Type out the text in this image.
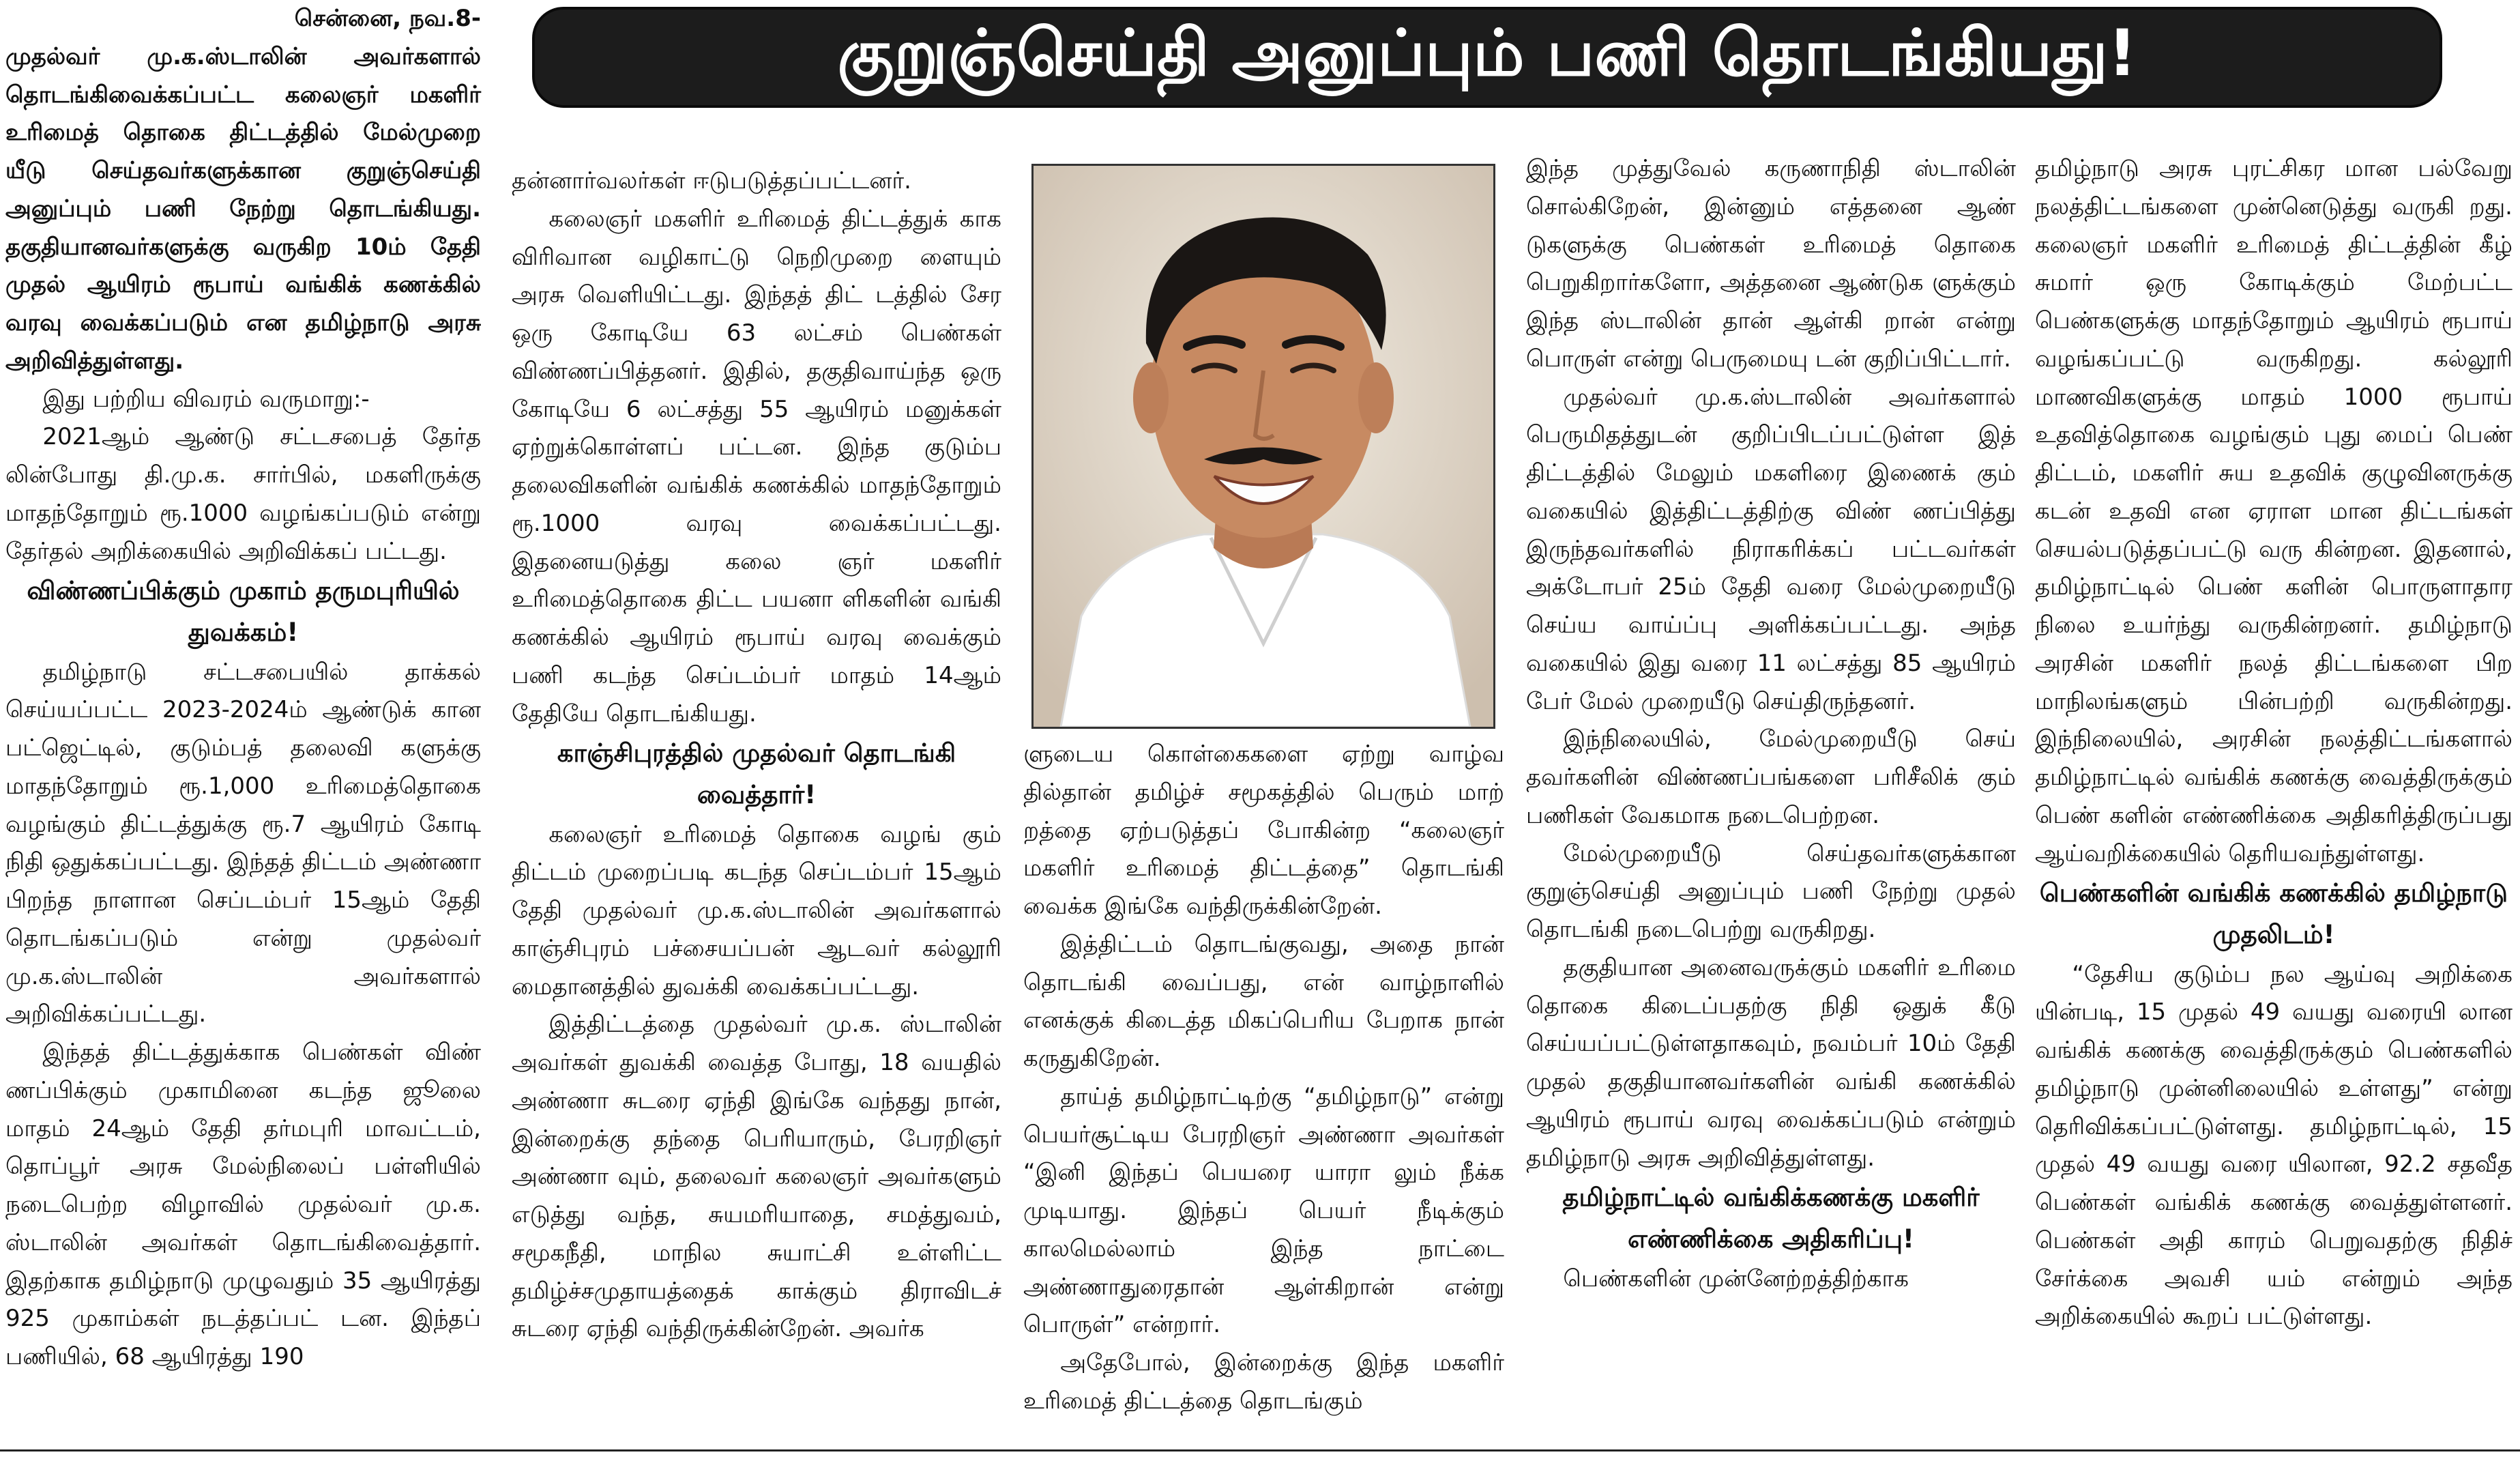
குறுஞ்செய்தி அனுப்பும் பணி தொடங்கியது!

சென்னை, நவ.8-

முதல்வர் மு.க.ஸ்டாலின் அவர்களால் தொடங்கிவைக்கப்பட்ட கலைஞர் மகளிர் உரிமைத் தொகை திட்டத்தில் மேல்முறை யீடு செய்தவர்களுக்கான குறுஞ்செய்தி அனுப்பும் பணி நேற்று தொடங்கியது. தகுதியானவர்களுக்கு வருகிற 10ம் தேதி முதல் ஆயிரம் ரூபாய் வங்கிக் கணக்கில் வரவு வைக்கப்படும் என தமிழ்நாடு அரசு அறிவித்துள்ளது.

இது பற்றிய விவரம் வருமாறு:-

2021ஆம் ஆண்டு சட்டசபைத் தேர்த லின்போது தி.மு.க. சார்பில், மகளிருக்கு மாதந்தோறும் ரூ.1000 வழங்கப்படும் என்று தேர்தல் அறிக்கையில் அறிவிக்கப் பட்டது.

விண்ணப்பிக்கும் முகாம் தருமபுரியில் துவக்கம்!

தமிழ்நாடு சட்டசபையில் தாக்கல் செய்யப்பட்ட 2023-2024ம் ஆண்டுக் கான பட்ஜெட்டில், குடும்பத் தலைவி களுக்கு மாதந்தோறும் ரூ.1,000 உரிமைத்தொகை வழங்கும் திட்டத்துக்கு ரூ.7 ஆயிரம் கோடி நிதி ஒதுக்கப்பட்டது. இந்தத் திட்டம் அண்ணா பிறந்த நாளான செப்டம்பர் 15ஆம் தேதி தொடங்கப்படும் என்று முதல்வர் மு.க.ஸ்டாலின் அவர்களால் அறிவிக்கப்பட்டது.

இந்தத் திட்டத்துக்காக பெண்கள் விண் ணப்பிக்கும் முகாமினை கடந்த ஜூலை மாதம் 24ஆம் தேதி தர்மபுரி மாவட்டம், தொப்பூர் அரசு மேல்நிலைப் பள்ளியில் நடைபெற்ற விழாவில் முதல்வர் மு.க. ஸ்டாலின் அவர்கள் தொடங்கிவைத்தார். இதற்காக தமிழ்நாடு முழுவதும் 35 ஆயிரத்து 925 முகாம்கள் நடத்தப்பட் டன. இந்தப் பணியில், 68 ஆயிரத்து 190

தன்னார்வலர்கள் ஈடுபடுத்தப்பட்டனர்.

கலைஞர் மகளிர் உரிமைத் திட்டத்துக் காக விரிவான வழிகாட்டு நெறிமுறை ளையும் அரசு வெளியிட்டது. இந்தத் திட் டத்தில் சேர ஒரு கோடியே 63 லட்சம் பெண்கள் விண்ணப்பித்தனர். இதில், தகுதிவாய்ந்த ஒரு கோடியே 6 லட்சத்து 55 ஆயிரம் மனுக்கள் ஏற்றுக்கொள்ளப் பட்டன. இந்த குடும்ப தலைவிகளின் வங்கிக் கணக்கில் மாதந்தோறும் ரூ.1000 வரவு வைக்கப்பட்டது. இதனையடுத்து கலை ஞர் மகளிர் உரிமைத்தொகை திட்ட பயனா ளிகளின் வங்கி கணக்கில் ஆயிரம் ரூபாய் வரவு வைக்கும் பணி கடந்த செப்டம்பர் மாதம் 14ஆம் தேதியே தொடங்கியது.

காஞ்சிபுரத்தில் முதல்வர் தொடங்கி வைத்தார்!

கலைஞர் உரிமைத் தொகை வழங் கும் திட்டம் முறைப்படி கடந்த செப்டம்பர் 15ஆம் தேதி முதல்வர் மு.க.ஸ்டாலின் அவர்களால் காஞ்சிபுரம் பச்சையப்பன் ஆடவர் கல்லூரி மைதானத்தில் துவக்கி வைக்கப்பட்டது.

இத்திட்டத்தை முதல்வர் மு.க. ஸ்டாலின் அவர்கள் துவக்கி வைத்த போது, 18 வயதில் அண்ணா சுடரை ஏந்தி இங்கே வந்தது நான், இன்றைக்கு தந்தை பெரியாரும், பேரறிஞர் அண்ணா வும், தலைவர் கலைஞர் அவர்களும் எடுத்து வந்த, சுயமரியாதை, சமத்துவம், சமூகநீதி, மாநில சுயாட்சி உள்ளிட்ட தமிழ்ச்சமுதாயத்தைக் காக்கும் திராவிடச் சுடரை ஏந்தி வந்திருக்கின்றேன். அவர்க

ளுடைய கொள்கைகளை ஏற்று வாழ்வ தில்தான் தமிழ்ச் சமூகத்தில் பெரும் மாற் றத்தை ஏற்படுத்தப் போகின்ற “கலைஞர் மகளிர் உரிமைத் திட்டத்தை” தொடங்கி வைக்க இங்கே வந்திருக்கின்றேன்.

இத்திட்டம் தொடங்குவது, அதை நான் தொடங்கி வைப்பது, என் வாழ்நாளில் எனக்குக் கிடைத்த மிகப்பெரிய பேறாக நான் கருதுகிறேன்.

தாய்த் தமிழ்நாட்டிற்கு “தமிழ்நாடு” என்று பெயர்சூட்டிய பேரறிஞர் அண்ணா அவர்கள் “இனி இந்தப் பெயரை யாரா லும் நீக்க முடியாது. இந்தப் பெயர் நீடிக்கும் காலமெல்லாம் இந்த நாட்டை அண்ணாதுரைதான் ஆள்கிறான் என்று பொருள்” என்றார்.

அதேபோல், இன்றைக்கு இந்த மகளிர் உரிமைத் திட்டத்தை தொடங்கும்

இந்த முத்துவேல் கருணாநிதி ஸ்டாலின் சொல்கிறேன், இன்னும் எத்தனை ஆண் டுகளுக்கு பெண்கள் உரிமைத் தொகை பெறுகிறார்களோ, அத்தனை ஆண்டுக ளுக்கும் இந்த ஸ்டாலின் தான் ஆள்கி றான் என்று பொருள் என்று பெருமையு டன் குறிப்பிட்டார்.

முதல்வர் மு.க.ஸ்டாலின் அவர்களால் பெருமிதத்துடன் குறிப்பிடப்பட்டுள்ள இத் திட்டத்தில் மேலும் மகளிரை இணைக் கும் வகையில் இத்திட்டத்திற்கு விண் ணப்பித்து இருந்தவர்களில் நிராகரிக்கப் பட்டவர்கள் அக்டோபர் 25ம் தேதி வரை மேல்முறையீடு செய்ய வாய்ப்பு அளிக்கப்பட்டது. அந்த வகையில் இது வரை 11 லட்சத்து 85 ஆயிரம் பேர் மேல் முறையீடு செய்திருந்தனர்.

இந்நிலையில், மேல்முறையீடு செய் தவர்களின் விண்ணப்பங்களை பரிசீலிக் கும் பணிகள் வேகமாக நடைபெற்றன.

மேல்முறையீடு செய்தவர்களுக்கான குறுஞ்செய்தி அனுப்பும் பணி நேற்று முதல் தொடங்கி நடைபெற்று வருகிறது.

தகுதியான அனைவருக்கும் மகளிர் உரிமை தொகை கிடைப்பதற்கு நிதி ஒதுக் கீடு செய்யப்பட்டுள்ளதாகவும், நவம்பர் 10ம் தேதி முதல் தகுதியானவர்களின் வங்கி கணக்கில் ஆயிரம் ரூபாய் வரவு வைக்கப்படும் என்றும் தமிழ்நாடு அரசு அறிவித்துள்ளது.

தமிழ்நாட்டில் வங்கிக்கணக்கு மகளிர் எண்ணிக்கை அதிகரிப்பு!

பெண்களின் முன்னேற்றத்திற்காக

தமிழ்நாடு அரசு புரட்சிகர மான பல்வேறு நலத்திட்டங்களை முன்னெடுத்து வருகி றது. கலைஞர் மகளிர் உரிமைத் திட்டத்தின் கீழ் சுமார் ஒரு கோடிக்கும் மேற்பட்ட பெண்களுக்கு மாதந்தோறும் ஆயிரம் ரூபாய் வழங்கப்பட்டு வருகிறது. கல்லூரி மாணவிகளுக்கு மாதம் 1000 ரூபாய் உதவித்தொகை வழங்கும் புது மைப் பெண் திட்டம், மகளிர் சுய உதவிக் குழுவினருக்கு கடன் உதவி என ஏராள மான திட்டங்கள் செயல்படுத்தப்பட்டு வரு கின்றன. இதனால், தமிழ்நாட்டில் பெண் களின் பொருளாதார நிலை உயர்ந்து வருகின்றனர். தமிழ்நாடு அரசின் மகளிர் நலத் திட்டங்களை பிற மாநிலங்களும் பின்பற்றி வருகின்றது. இந்நிலையில், அரசின் நலத்திட்டங்களால் தமிழ்நாட்டில் வங்கிக் கணக்கு வைத்திருக்கும் பெண் களின் எண்ணிக்கை அதிகரித்திருப்பது ஆய்வறிக்கையில் தெரியவந்துள்ளது.

பெண்களின் வங்கிக் கணக்கில் தமிழ்நாடு முதலிடம்!

“தேசிய குடும்ப நல ஆய்வு அறிக்கை யின்படி, 15 முதல் 49 வயது வரையி லான வங்கிக் கணக்கு வைத்திருக்கும் பெண்களில் தமிழ்நாடு முன்னிலையில் உள்ளது” என்று தெரிவிக்கப்பட்டுள்ளது. தமிழ்நாட்டில், 15 முதல் 49 வயது வரை யிலான, 92.2 சதவீத பெண்கள் வங்கிக் கணக்கு வைத்துள்ளனர். பெண்கள் அதி காரம் பெறுவதற்கு நிதிச் சேர்க்கை அவசி யம் என்றும் அந்த அறிக்கையில் கூறப் பட்டுள்ளது.
